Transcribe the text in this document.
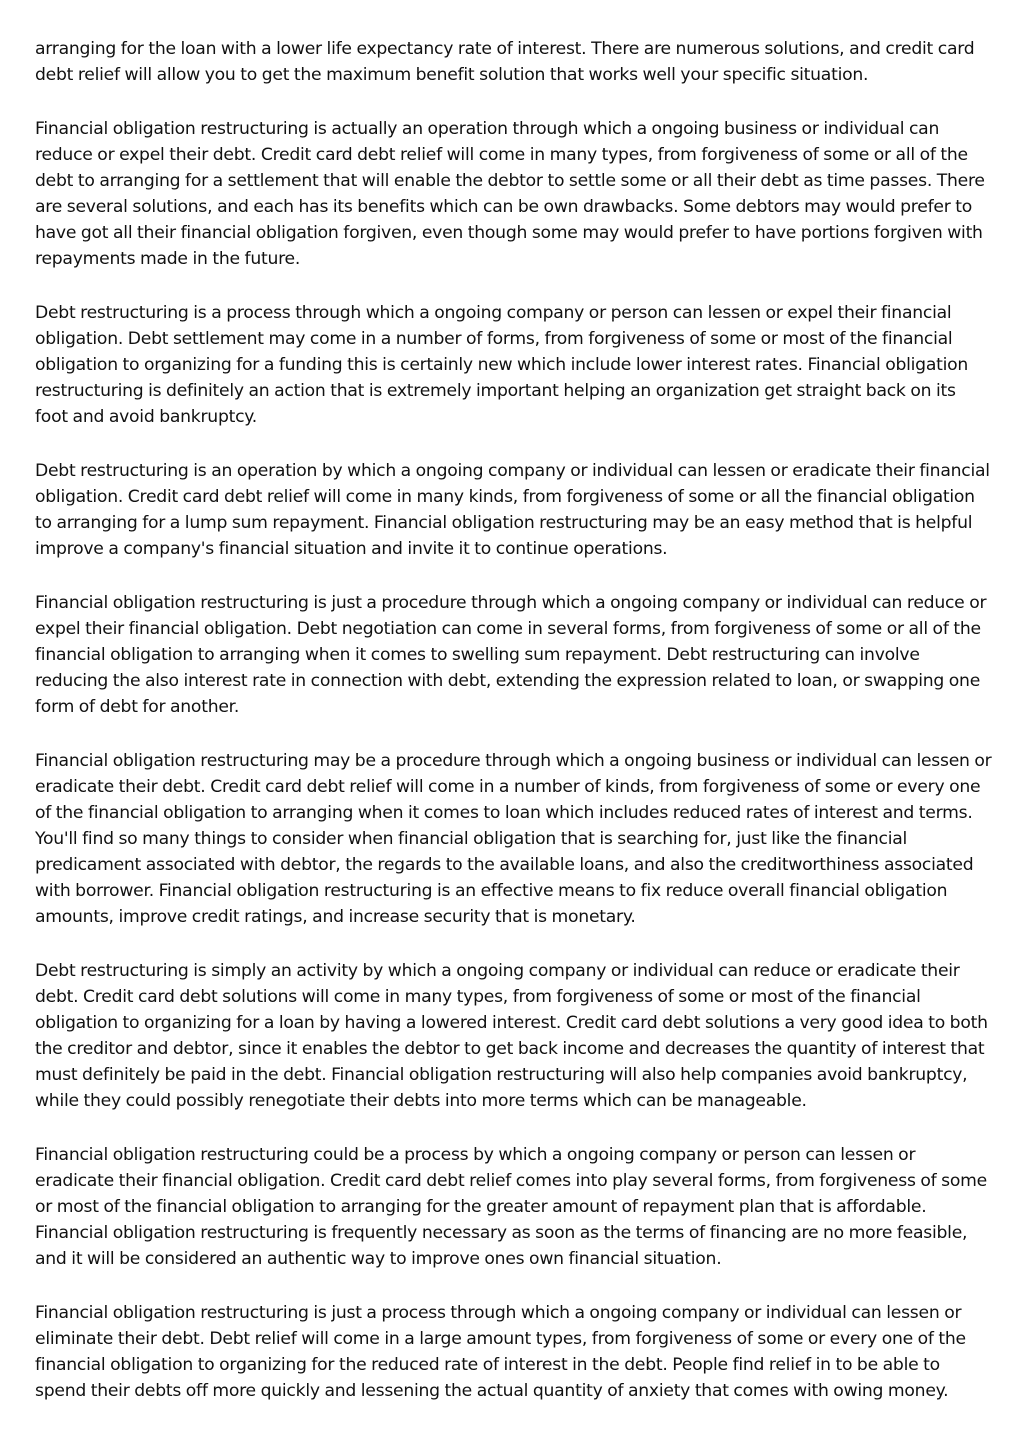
arranging for the loan with a lower life expectancy rate of interest. There are numerous solutions, and credit card debt relief will allow you to get the maximum benefit solution that works well your specific situation.

Financial obligation restructuring is actually an operation through which a ongoing business or individual can reduce or expel their debt. Credit card debt relief will come in many types, from forgiveness of some or all of the debt to arranging for a settlement that will enable the debtor to settle some or all their debt as time passes. There are several solutions, and each has its benefits which can be own drawbacks. Some debtors may would prefer to have got all their financial obligation forgiven, even though some may would prefer to have portions forgiven with repayments made in the future.

Debt restructuring is a process through which a ongoing company or person can lessen or expel their financial obligation. Debt settlement may come in a number of forms, from forgiveness of some or most of the financial obligation to organizing for a funding this is certainly new which include lower interest rates. Financial obligation restructuring is definitely an action that is extremely important helping an organization get straight back on its foot and avoid bankruptcy.

Debt restructuring is an operation by which a ongoing company or individual can lessen or eradicate their financial obligation. Credit card debt relief will come in many kinds, from forgiveness of some or all the financial obligation to arranging for a lump sum repayment. Financial obligation restructuring may be an easy method that is helpful improve a company's financial situation and invite it to continue operations.

Financial obligation restructuring is just a procedure through which a ongoing company or individual can reduce or expel their financial obligation. Debt negotiation can come in several forms, from forgiveness of some or all of the financial obligation to arranging when it comes to swelling sum repayment. Debt restructuring can involve reducing the also interest rate in connection with debt, extending the expression related to loan, or swapping one form of debt for another.

Financial obligation restructuring may be a procedure through which a ongoing business or individual can lessen or eradicate their debt. Credit card debt relief will come in a number of kinds, from forgiveness of some or every one of the financial obligation to arranging when it comes to loan which includes reduced rates of interest and terms. You'll find so many things to consider when financial obligation that is searching for, just like the financial predicament associated with debtor, the regards to the available loans, and also the creditworthiness associated with borrower. Financial obligation restructuring is an effective means to fix reduce overall financial obligation amounts, improve credit ratings, and increase security that is monetary.

Debt restructuring is simply an activity by which a ongoing company or individual can reduce or eradicate their debt. Credit card debt solutions will come in many types, from forgiveness of some or most of the financial obligation to organizing for a loan by having a lowered interest. Credit card debt solutions a very good idea to both the creditor and debtor, since it enables the debtor to get back income and decreases the quantity of interest that must definitely be paid in the debt. Financial obligation restructuring will also help companies avoid bankruptcy, while they could possibly renegotiate their debts into more terms which can be manageable.

Financial obligation restructuring could be a process by which a ongoing company or person can lessen or eradicate their financial obligation. Credit card debt relief comes into play several forms, from forgiveness of some or most of the financial obligation to arranging for the greater amount of repayment plan that is affordable. Financial obligation restructuring is frequently necessary as soon as the terms of financing are no more feasible, and it will be considered an authentic way to improve ones own financial situation.

Financial obligation restructuring is just a process through which a ongoing company or individual can lessen or eliminate their debt. Debt relief will come in a large amount types, from forgiveness of some or every one of the financial obligation to organizing for the reduced rate of interest in the debt. People find relief in to be able to spend their debts off more quickly and lessening the actual quantity of anxiety that comes with owing money.
